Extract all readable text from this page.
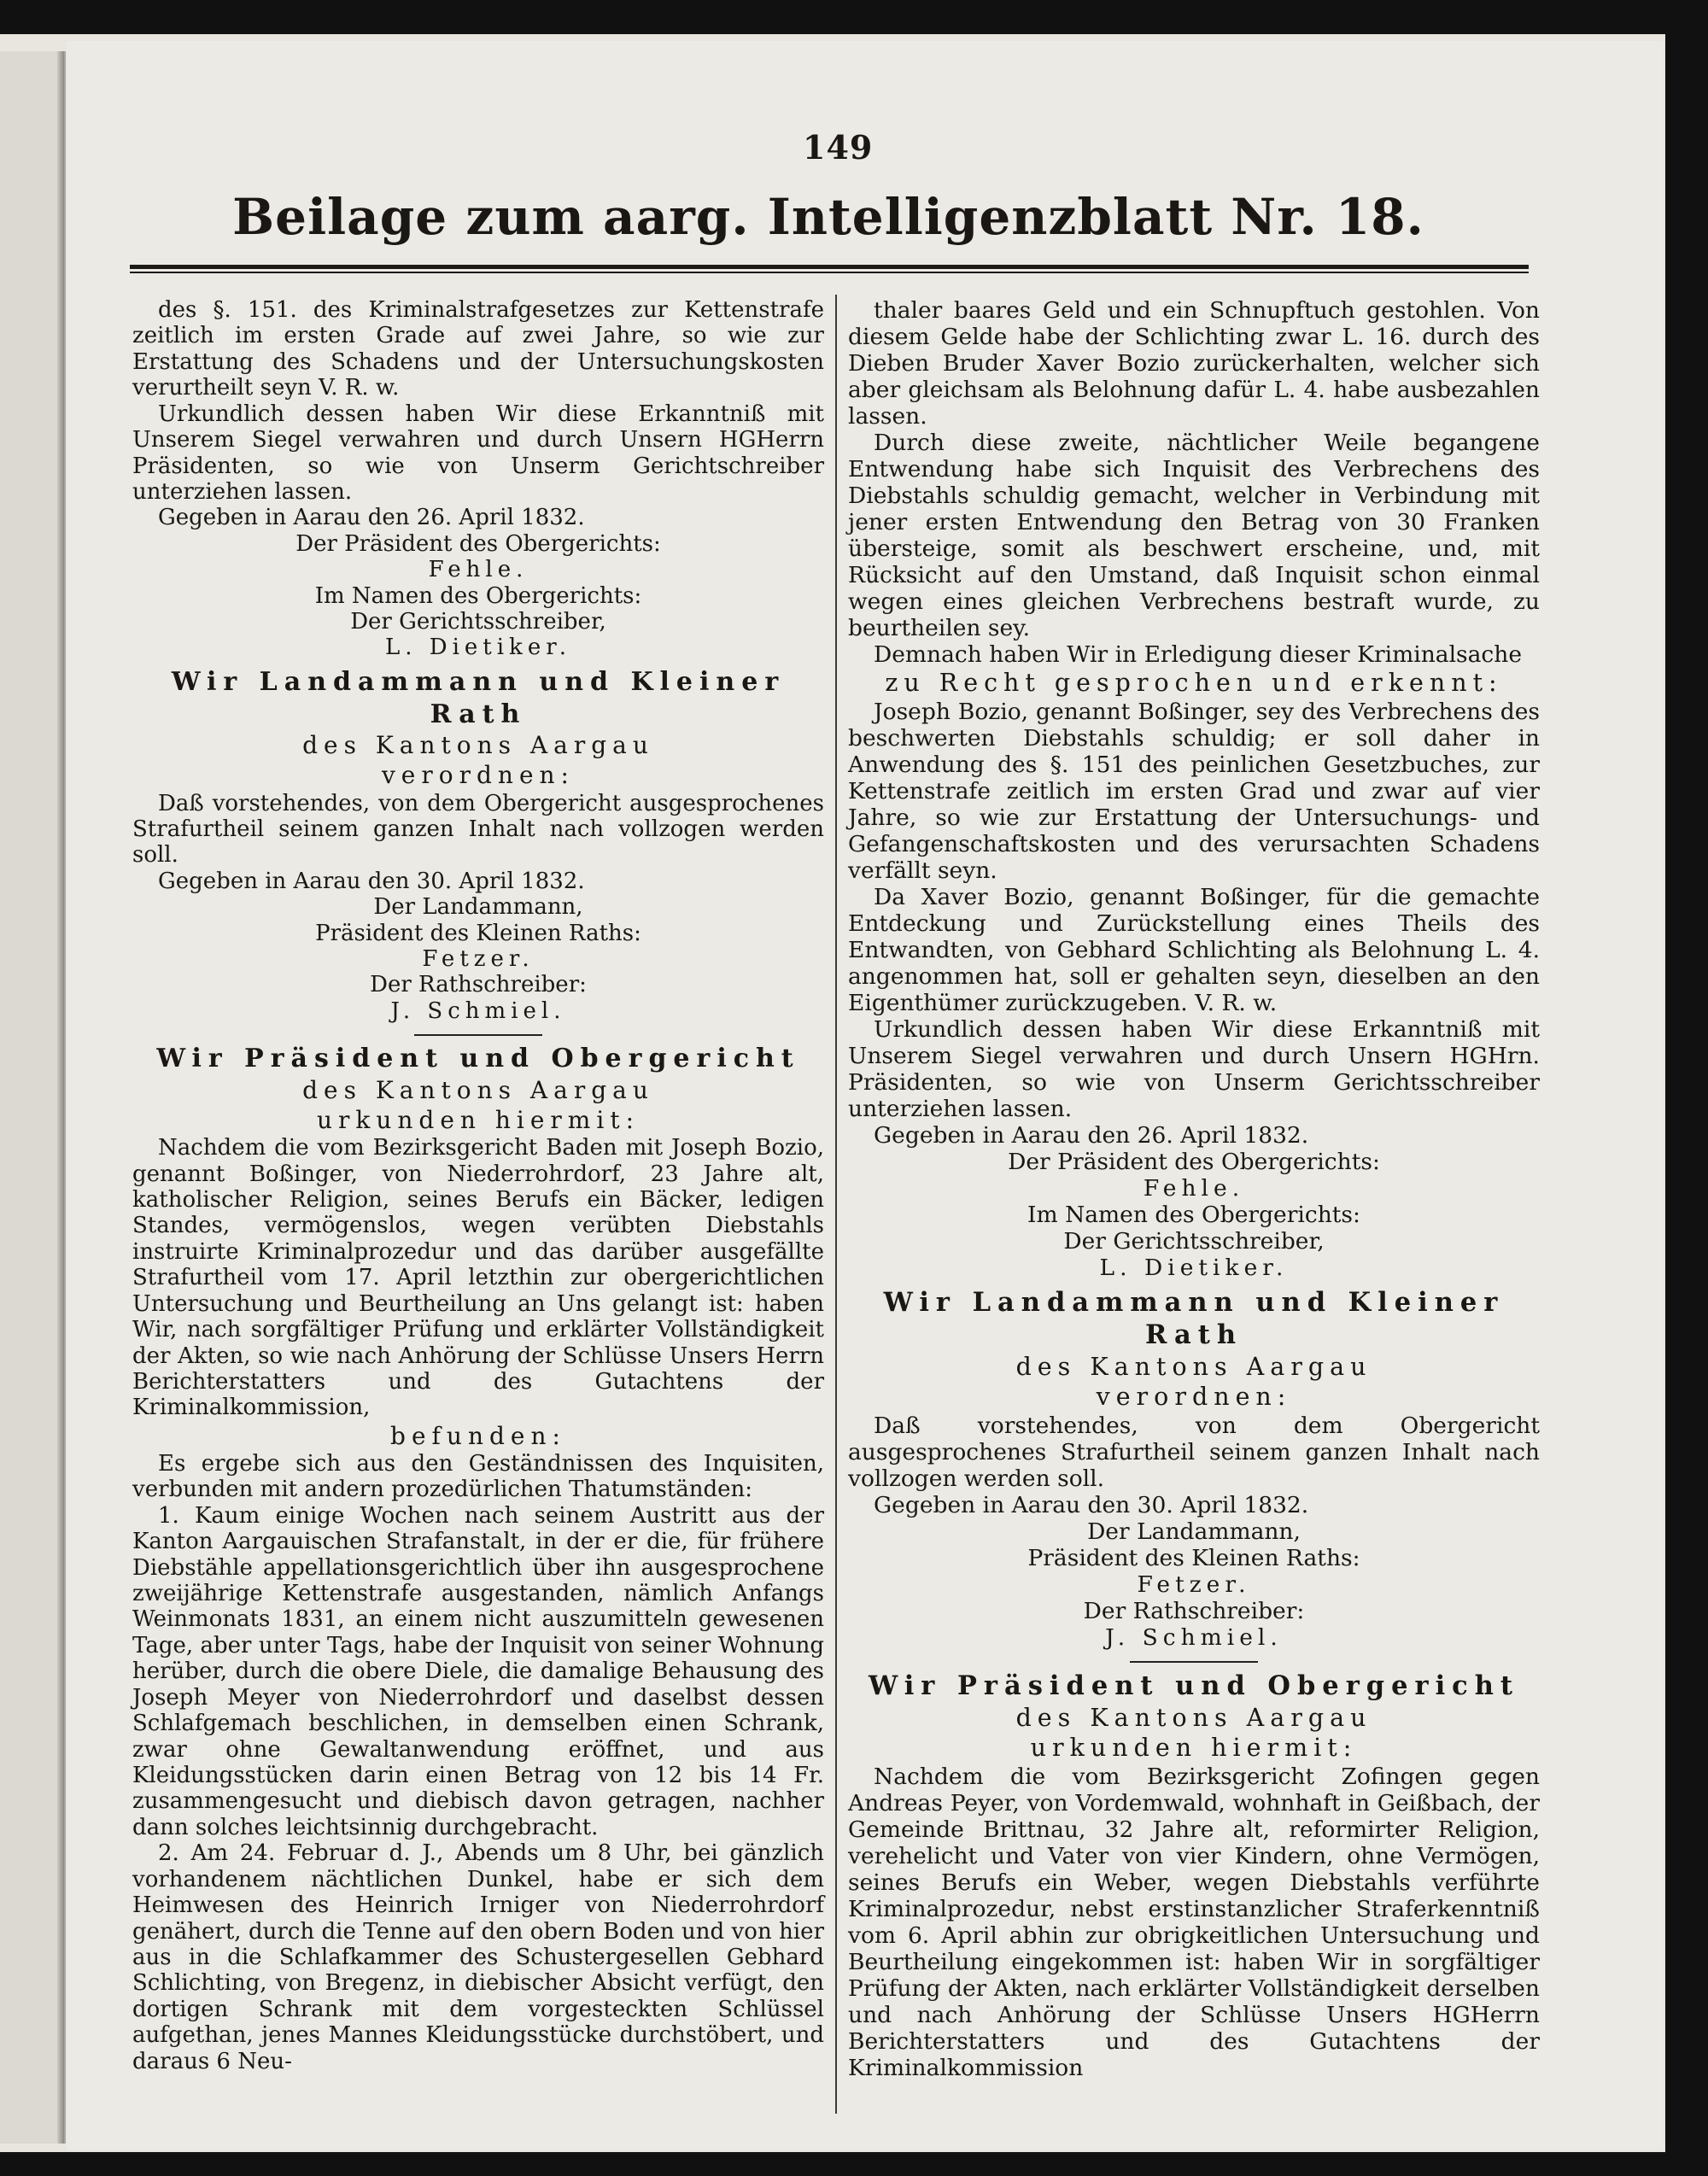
149
Beilage zum aarg. Intelligenzblatt Nr. 18.
des §. 151. des Kriminalstrafgesetzes zur Kettenstrafe zeitlich im ersten Grade auf zwei Jahre, so wie zur Erstattung des Schadens und der Untersuchungskosten verurtheilt seyn V. R. w.
Urkundlich dessen haben Wir diese Erkanntniß mit Unserem Siegel verwahren und durch Unsern HGHerrn Präsidenten, so wie von Unserm Gerichtschreiber unterziehen lassen.
Gegeben in Aarau den 26. April 1832.
Der Präsident des Obergerichts:
Fehle.
Im Namen des Obergerichts:
Der Gerichtsschreiber,
L. Dietiker.
Wir Landammann und Kleiner Rath
des Kantons Aargau
verordnen:
Daß vorstehendes, von dem Obergericht ausgesprochenes Strafurtheil seinem ganzen Inhalt nach vollzogen werden soll.
Gegeben in Aarau den 30. April 1832.
Der Landammann,
Präsident des Kleinen Raths:
Fetzer.
Der Rathschreiber:
J. Schmiel.
Wir Präsident und Obergericht
des Kantons Aargau
urkunden hiermit:
Nachdem die vom Bezirksgericht Baden mit Joseph Bozio, genannt Boßinger, von Niederrohrdorf, 23 Jahre alt, katholischer Religion, seines Berufs ein Bäcker, ledigen Standes, vermögenslos, wegen verübten Diebstahls instruirte Kriminalprozedur und das darüber ausgefällte Strafurtheil vom 17. April letzthin zur obergerichtlichen Untersuchung und Beurtheilung an Uns gelangt ist: haben Wir, nach sorgfältiger Prüfung und erklärter Vollständigkeit der Akten, so wie nach Anhörung der Schlüsse Unsers Herrn Berichterstatters und des Gutachtens der Kriminalkommission,
befunden:
Es ergebe sich aus den Geständnissen des Inquisiten, verbunden mit andern prozedürlichen Thatumständen:
1. Kaum einige Wochen nach seinem Austritt aus der Kanton Aargauischen Strafanstalt, in der er die, für frühere Diebstähle appellationsgerichtlich über ihn ausgesprochene zweijährige Kettenstrafe ausgestanden, nämlich Anfangs Weinmonats 1831, an einem nicht auszumitteln gewesenen Tage, aber unter Tags, habe der Inquisit von seiner Wohnung herüber, durch die obere Diele, die damalige Behausung des Joseph Meyer von Niederrohrdorf und daselbst dessen Schlafgemach beschlichen, in demselben einen Schrank, zwar ohne Gewaltanwendung eröffnet, und aus Kleidungsstücken darin einen Betrag von 12 bis 14 Fr. zusammengesucht und diebisch davon getragen, nachher dann solches leichtsinnig durchgebracht.
2. Am 24. Februar d. J., Abends um 8 Uhr, bei gänzlich vorhandenem nächtlichen Dunkel, habe er sich dem Heimwesen des Heinrich Irniger von Niederrohrdorf genähert, durch die Tenne auf den obern Boden und von hier aus in die Schlafkammer des Schustergesellen Gebhard Schlichting, von Bregenz, in diebischer Absicht verfügt, den dortigen Schrank mit dem vorgesteckten Schlüssel aufgethan, jenes Mannes Kleidungsstücke durchstöbert, und daraus 6 Neu-
thaler baares Geld und ein Schnupftuch gestohlen. Von diesem Gelde habe der Schlichting zwar L. 16. durch des Dieben Bruder Xaver Bozio zurückerhalten, welcher sich aber gleichsam als Belohnung dafür L. 4. habe ausbezahlen lassen.
Durch diese zweite, nächtlicher Weile begangene Entwendung habe sich Inquisit des Verbrechens des Diebstahls schuldig gemacht, welcher in Verbindung mit jener ersten Entwendung den Betrag von 30 Franken übersteige, somit als beschwert erscheine, und, mit Rücksicht auf den Umstand, daß Inquisit schon einmal wegen eines gleichen Verbrechens bestraft wurde, zu beurtheilen sey.
Demnach haben Wir in Erledigung dieser Kriminalsache
zu Recht gesprochen und erkennt:
Joseph Bozio, genannt Boßinger, sey des Verbrechens des beschwerten Diebstahls schuldig; er soll daher in Anwendung des §. 151 des peinlichen Gesetzbuches, zur Kettenstrafe zeitlich im ersten Grad und zwar auf vier Jahre, so wie zur Erstattung der Untersuchungs- und Gefangenschaftskosten und des verursachten Schadens verfällt seyn.
Da Xaver Bozio, genannt Boßinger, für die gemachte Entdeckung und Zurückstellung eines Theils des Entwandten, von Gebhard Schlichting als Belohnung L. 4. angenommen hat, soll er gehalten seyn, dieselben an den Eigenthümer zurückzugeben. V. R. w.
Urkundlich dessen haben Wir diese Erkanntniß mit Unserem Siegel verwahren und durch Unsern HGHrn. Präsidenten, so wie von Unserm Gerichtsschreiber unterziehen lassen.
Gegeben in Aarau den 26. April 1832.
Der Präsident des Obergerichts:
Fehle.
Im Namen des Obergerichts:
Der Gerichtsschreiber,
L. Dietiker.
Wir Landammann und Kleiner Rath
des Kantons Aargau
verordnen:
Daß vorstehendes, von dem Obergericht ausgesprochenes Strafurtheil seinem ganzen Inhalt nach vollzogen werden soll.
Gegeben in Aarau den 30. April 1832.
Der Landammann,
Präsident des Kleinen Raths:
Fetzer.
Der Rathschreiber:
J. Schmiel.
Wir Präsident und Obergericht
des Kantons Aargau
urkunden hiermit:
Nachdem die vom Bezirksgericht Zofingen gegen Andreas Peyer, von Vordemwald, wohnhaft in Geißbach, der Gemeinde Brittnau, 32 Jahre alt, reformirter Religion, verehelicht und Vater von vier Kindern, ohne Vermögen, seines Berufs ein Weber, wegen Diebstahls verführte Kriminalprozedur, nebst erstinstanzlicher Straferkenntniß vom 6. April abhin zur obrigkeitlichen Untersuchung und Beurtheilung eingekommen ist: haben Wir in sorgfältiger Prüfung der Akten, nach erklärter Vollständigkeit derselben und nach Anhörung der Schlüsse Unsers HGHerrn Berichterstatters und des Gutachtens der Kriminalkommission
